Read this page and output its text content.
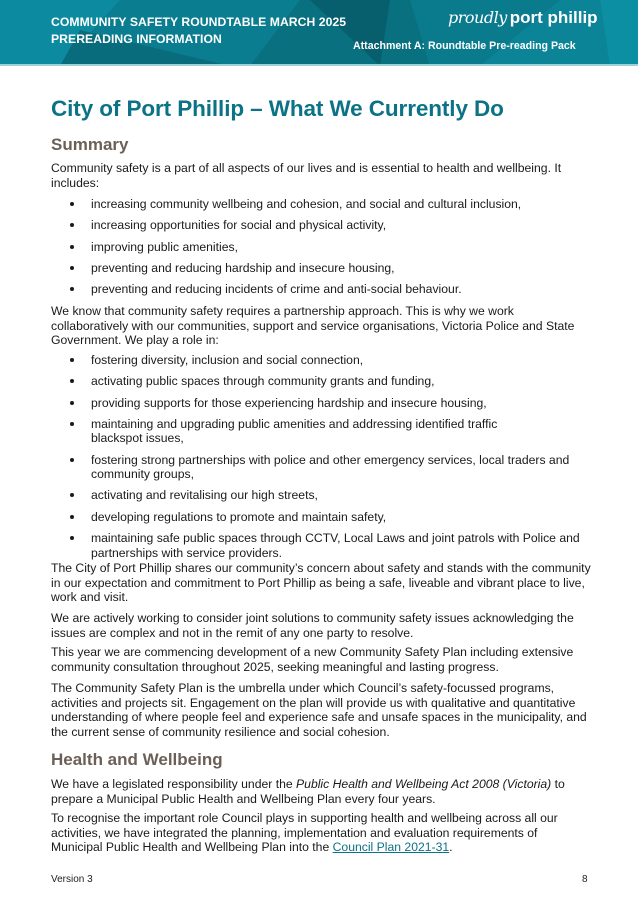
COMMUNITY SAFETY ROUNDTABLE MARCH 2025
PREREADING INFORMATION
proudly port phillip
Attachment A: Roundtable Pre-reading Pack
City of Port Phillip – What We Currently Do
Summary

Community safety is a part of all aspects of our lives and is essential to health and wellbeing. It includes:

increasing community wellbeing and cohesion, and social and cultural inclusion,
increasing opportunities for social and physical activity,
improving public amenities,
preventing and reducing hardship and insecure housing,
preventing and reducing incidents of crime and anti-social behaviour.

We know that community safety requires a partnership approach. This is why we work collaboratively with our communities, support and service organisations, Victoria Police and State Government. We play a role in:

fostering diversity, inclusion and social connection,
activating public spaces through community grants and funding,
providing supports for those experiencing hardship and insecure housing,
maintaining and upgrading public amenities and addressing identified traffic blackspot issues,
fostering strong partnerships with police and other emergency services, local traders and community groups,
activating and revitalising our high streets,
developing regulations to promote and maintain safety,
maintaining safe public spaces through CCTV, Local Laws and joint patrols with Police and partnerships with service providers.

The City of Port Phillip shares our community’s concern about safety and stands with the community in our expectation and commitment to Port Phillip as being a safe, liveable and vibrant place to live, work and visit.

We are actively working to consider joint solutions to community safety issues acknowledging the issues are complex and not in the remit of any one party to resolve.

This year we are commencing development of a new Community Safety Plan including extensive community consultation throughout 2025, seeking meaningful and lasting progress.

The Community Safety Plan is the umbrella under which Council’s safety-focussed programs, activities and projects sit. Engagement on the plan will provide us with qualitative and quantitative understanding of where people feel and experience safe and unsafe spaces in the municipality, and the current sense of community resilience and social cohesion.

Health and Wellbeing

We have a legislated responsibility under the Public Health and Wellbeing Act 2008 (Victoria) to prepare a Municipal Public Health and Wellbeing Plan every four years.

To recognise the important role Council plays in supporting health and wellbeing across all our activities, we have integrated the planning, implementation and evaluation requirements of Municipal Public Health and Wellbeing Plan into the Council Plan 2021-31.

Version 3	8
